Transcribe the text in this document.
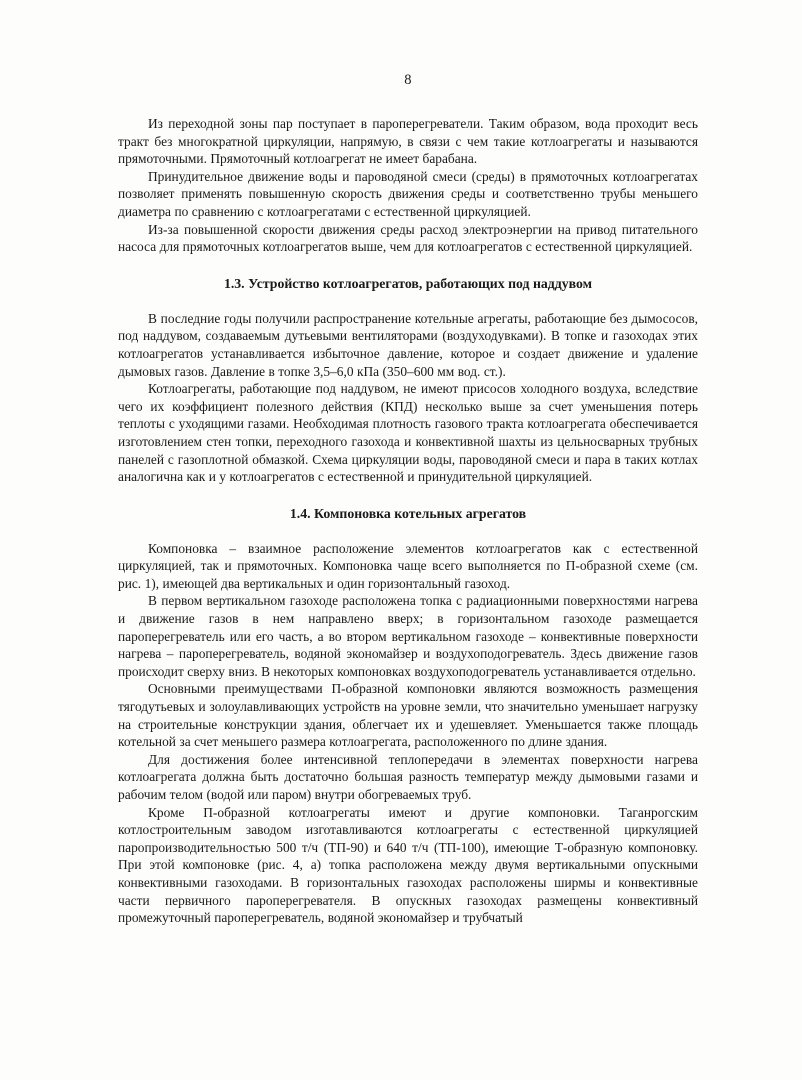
8

Из переходной зоны пар поступает в пароперегреватели. Таким образом, вода проходит весь тракт без многократной циркуляции, напрямую, в связи с чем такие котлоагрегаты и называются прямоточными. Прямоточный котлоагрегат не имеет барабана.

Принудительное движение воды и пароводяной смеси (среды) в прямоточных котлоагрегатах позволяет применять повышенную скорость движения среды и соответственно трубы меньшего диаметра по сравнению с котлоагрегатами с естественной циркуляцией.

Из-за повышенной скорости движения среды расход электроэнергии на привод питательного насоса для прямоточных котлоагрегатов выше, чем для котлоагрегатов с естественной циркуляцией.

1.3. Устройство котлоагрегатов, работающих под наддувом

В последние годы получили распространение котельные агрегаты, работающие без дымососов, под наддувом, создаваемым дутьевыми вентиляторами (воздуходувками). В топке и газоходах этих котлоагрегатов устанавливается избыточное давление, которое и создает движение и удаление дымовых газов. Давление в топке 3,5–6,0 кПа (350–600 мм вод. ст.).

Котлоагрегаты, работающие под наддувом, не имеют присосов холодного воздуха, вследствие чего их коэффициент полезного действия (КПД) несколько выше за счет уменьшения потерь теплоты с уходящими газами. Необходимая плотность газового тракта котлоагрегата обеспечивается изготовлением стен топки, переходного газохода и конвективной шахты из цельносварных трубных панелей с газоплотной обмазкой. Схема циркуляции воды, пароводяной смеси и пара в таких котлах аналогична как и у котлоагрегатов с естественной и принудительной циркуляцией.

1.4. Компоновка котельных агрегатов

Компоновка – взаимное расположение элементов котлоагрегатов как с естественной циркуляцией, так и прямоточных. Компоновка чаще всего выполняется по П-образной схеме (см. рис. 1), имеющей два вертикальных и один горизонтальный газоход.

В первом вертикальном газоходе расположена топка с радиационными поверхностями нагрева и движение газов в нем направлено вверх; в горизонтальном газоходе размещается пароперегреватель или его часть, а во втором вертикальном газоходе – конвективные поверхности нагрева – пароперегреватель, водяной экономайзер и воздухоподогреватель. Здесь движение газов происходит сверху вниз. В некоторых компоновках воздухоподогреватель устанавливается отдельно.

Основными преимуществами П-образной компоновки являются возможность размещения тягодутьевых и золоулавливающих устройств на уровне земли, что значительно уменьшает нагрузку на строительные конструкции здания, облегчает их и удешевляет. Уменьшается также площадь котельной за счет меньшего размера котлоагрегата, расположенного по длине здания.

Для достижения более интенсивной теплопередачи в элементах поверхности нагрева котлоагрегата должна быть достаточно большая разность температур между дымовыми газами и рабочим телом (водой или паром) внутри обогреваемых труб.

Кроме П-образной котлоагрегаты имеют и другие компоновки. Таганрогским котлостроительным заводом изготавливаются котлоагрегаты с естественной циркуляцией паропроизводительностью 500 т/ч (ТП-90) и 640 т/ч (ТП-100), имеющие Т-образную компоновку. При этой компоновке (рис. 4, а) топка расположена между двумя вертикальными опускными конвективными газоходами. В горизонтальных газоходах расположены ширмы и конвективные части первичного пароперегревателя. В опускных газоходах размещены конвективный промежуточный пароперегреватель, водяной экономайзер и трубчатый
